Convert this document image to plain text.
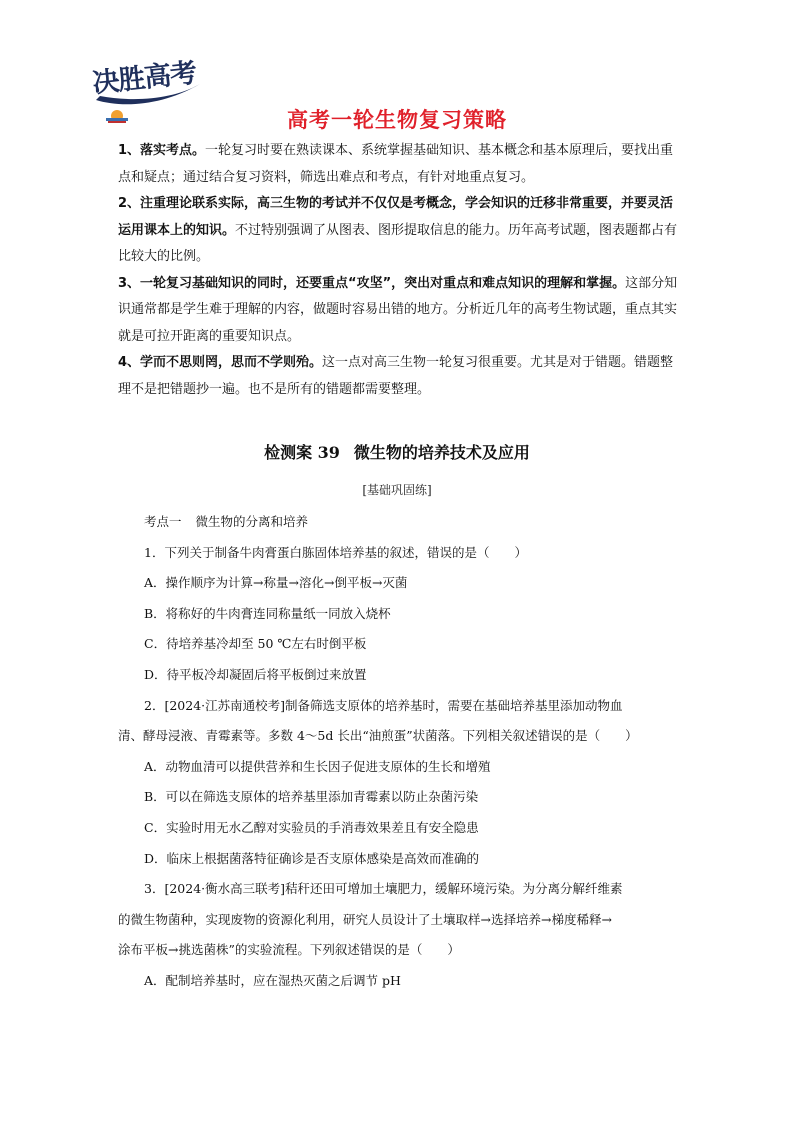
决胜高考
高考一轮生物复习策略

1、落实考点。一轮复习时要在熟读课本、系统掌握基础知识、基本概念和基本原理后，要找出重点和疑点；通过结合复习资料，筛选出难点和考点，有针对地重点复习。

2、注重理论联系实际，高三生物的考试并不仅仅是考概念，学会知识的迁移非常重要，并要灵活运用课本上的知识。不过特别强调了从图表、图形提取信息的能力。历年高考试题，图表题都占有比较大的比例。

3、一轮复习基础知识的同时，还要重点“攻坚”，突出对重点和难点知识的理解和掌握。这部分知识通常都是学生难于理解的内容，做题时容易出错的地方。分析近几年的高考生物试题，重点其实就是可拉开距离的重要知识点。

4、学而不思则罔，思而不学则殆。这一点对高三生物一轮复习很重要。尤其是对于错题。错题整理不是把错题抄一遍。也不是所有的错题都需要整理。

检测案 39 微生物的培养技术及应用
[基础巩固练]

考点一 微生物的分离和培养

1．下列关于制备牛肉膏蛋白胨固体培养基的叙述，错误的是（　　）

A．操作顺序为计算→称量→溶化→倒平板→灭菌

B．将称好的牛肉膏连同称量纸一同放入烧杯

C．待培养基冷却至 50 ℃左右时倒平板

D．待平板冷却凝固后将平板倒过来放置

2．[2024·江苏南通校考]制备筛选支原体的培养基时，需要在基础培养基里添加动物血

清、酵母浸液、青霉素等。多数 4～5d 长出“油煎蛋”状菌落。下列相关叙述错误的是（　　）

A．动物血清可以提供营养和生长因子促进支原体的生长和增殖

B．可以在筛选支原体的培养基里添加青霉素以防止杂菌污染

C．实验时用无水乙醇对实验员的手消毒效果差且有安全隐患

D．临床上根据菌落特征确诊是否支原体感染是高效而准确的

3．[2024·衡水高三联考]秸秆还田可增加土壤肥力，缓解环境污染。为分离分解纤维素

的微生物菌种，实现废物的资源化利用，研究人员设计了土壤取样→选择培养→梯度稀释→

涂布平板→挑选菌株”的实验流程。下列叙述错误的是（　　）

A．配制培养基时，应在湿热灭菌之后调节 pH
